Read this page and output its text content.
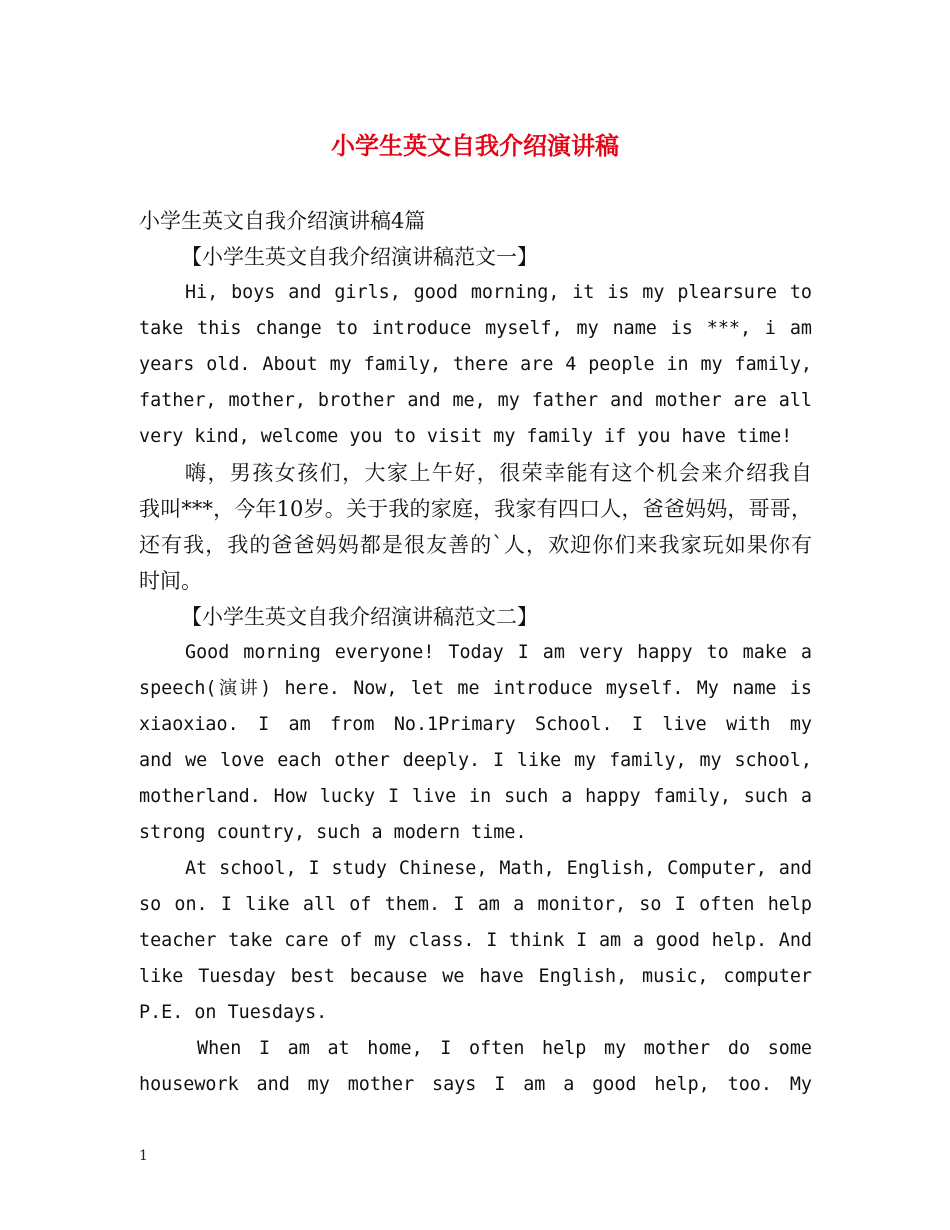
小学生英文自我介绍演讲稿
小学生英文自我介绍演讲稿4篇
【小学生英文自我介绍演讲稿范文一】
Hi, boys and girls, good morning, it is my plearsure to
take this change to introduce myself, my name is ***, i am
years old. About my family, there are 4 people in my family,
father, mother, brother and me, my father and mother are all
very kind, welcome you to visit my family if you have time!
嗨，男孩女孩们，大家上午好，很荣幸能有这个机会来介绍我自
我叫***，今年10岁。关于我的家庭，我家有四口人，爸爸妈妈，哥哥，
还有我，我的爸爸妈妈都是很友善的`人，欢迎你们来我家玩如果你有
时间。
【小学生英文自我介绍演讲稿范文二】
Good morning everyone! Today I am very happy to make a
speech(演讲) here. Now, let me introduce myself. My name is
xiaoxiao. I am from No.1Primary School. I live with my
and we love each other deeply. I like my family, my school,
motherland. How lucky I live in such a happy family, such a
strong country, such a modern time.
At school, I study Chinese, Math, English, Computer, and
so on. I like all of them. I am a monitor, so I often help
teacher take care of my class. I think I am a good help. And
like Tuesday best because we have English, music, computer
P.E. on Tuesdays.
When I am at home, I often help my mother do some
housework and my mother says I am a good help, too. My
1
